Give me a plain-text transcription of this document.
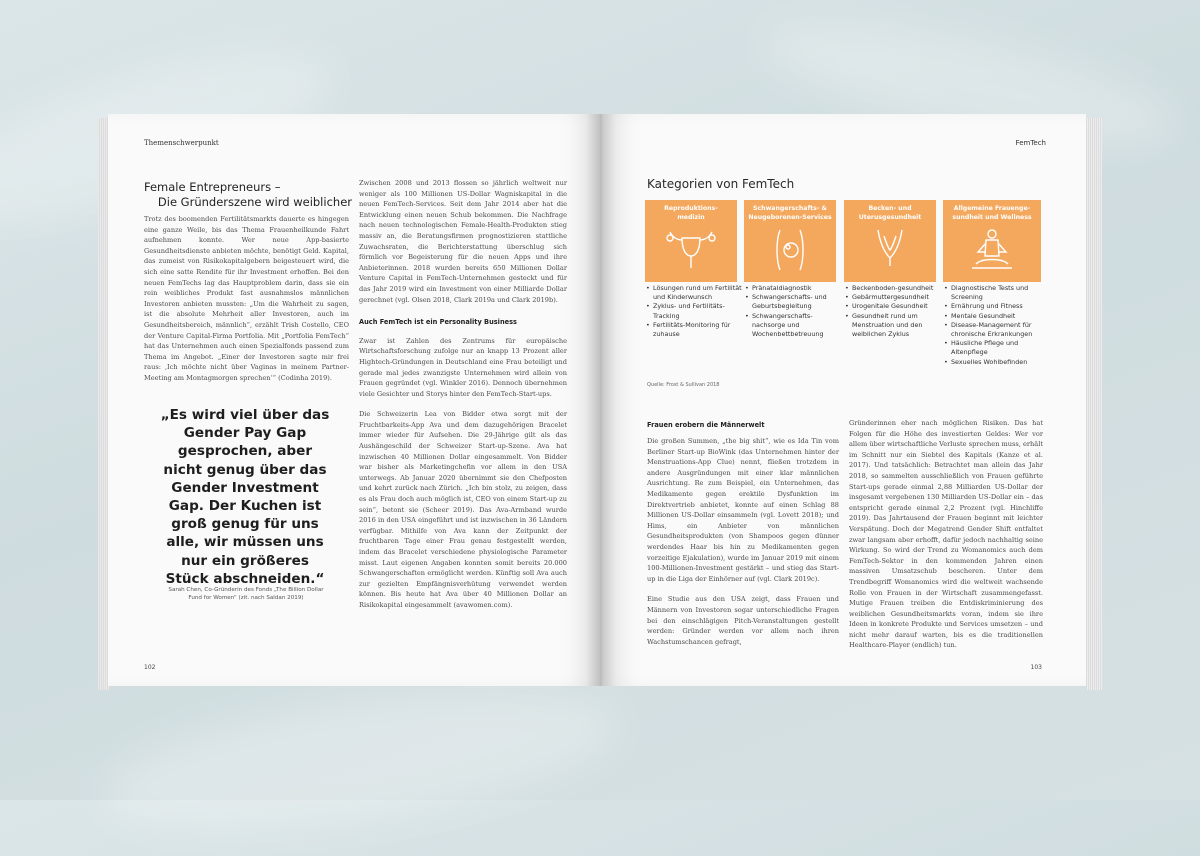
Themenschwerpunkt
Female Entrepreneurs –
Die Gründerszene wird weiblicher
Trotz des boomenden Fertilitätsmarkts dauerte es hingegen eine ganze Weile, bis das Thema Frauenheilkunde Fahrt aufnehmen konnte. Wer neue App-basierte Gesundheitsdienste anbieten möchte, benötigt Geld. Kapital, das zumeist von Risikokapitalgebern beigesteuert wird, die sich eine satte Rendite für ihr Investment erhoffen. Bei den neuen FemTechs lag das Hauptproblem darin, dass sie ein rein weibliches Produkt fast ausnahmslos männlichen Investoren anbieten mussten: „Um die Wahrheit zu sagen, ist die absolute Mehrheit aller Investoren, auch im Gesundheitsbereich, männlich“, erzählt Trish Costello, CEO der Venture Capital-Firma Portfolia. Mit „Portfolia FemTech“ hat das Unternehmen auch einen Spezialfonds passend zum Thema im Angebot. „Einer der Investoren sagte mir frei raus: ‚Ich möchte nicht über Vaginas in meinem Partner-Meeting am Montagmorgen sprechen‘“ (Codinha 2019).
„Es wird viel über das Gender Pay Gap gesprochen, aber nicht genug über das Gender Investment Gap. Der Kuchen ist groß genug für uns alle, wir müssen uns nur ein größeres Stück abschneiden.“
Sarah Chen, Co-Gründerin des Fonds „The Billion Dollar Fund for Women“ (zit. nach Saldan 2019)
Zwischen 2008 und 2013 flossen so jährlich weltweit nur weniger als 100 Millionen US-Dollar Wagniskapital in die neuen FemTech-Services. Seit dem Jahr 2014 aber hat die Entwicklung einen neuen Schub bekommen. Die Nachfrage nach neuen technologischen Female-Health-Produkten stieg massiv an, die Beratungsfirmen prognostizieren stattliche Zuwachsraten, die Berichterstattung überschlug sich förmlich vor Begeisterung für die neuen Apps und ihre Anbieterinnen. 2018 wurden bereits 650 Millionen Dollar Venture Capital in FemTech-Unternehmen gesteckt und für das Jahr 2019 wird ein Investment von einer Milliarde Dollar gerechnet (vgl. Olsen 2018, Clark 2019a und Clark 2019b).
Auch FemTech ist ein Personality Business
Zwar ist Zahlen des Zentrums für europäische Wirtschaftsforschung zufolge nur an knapp 13 Prozent aller Hightech-Gründungen in Deutschland eine Frau beteiligt und gerade mal jedes zwanzigste Unternehmen wird allein von Frauen gegründet (vgl. Winkler 2016). Dennoch übernehmen viele Gesichter und Storys hinter den FemTech-Start-ups.
Die Schweizerin Lea von Bidder etwa sorgt mit der Fruchtbarkeits-App Ava und dem dazugehörigen Bracelet immer wieder für Aufsehen. Die 29-Jährige gilt als das Aushängeschild der Schweizer Start-up-Szene. Ava hat inzwischen 40 Millionen Dollar eingesammelt. Von Bidder war bisher als Marketingchefin vor allem in den USA unterwegs. Ab Januar 2020 übernimmt sie den Chefposten und kehrt zurück nach Zürich. „Ich bin stolz, zu zeigen, dass es als Frau doch auch möglich ist, CEO von einem Start-up zu sein“, betont sie (Scheer 2019). Das Ava-Armband wurde 2016 in den USA eingeführt und ist inzwischen in 36 Ländern verfügbar. Mithilfe von Ava kann der Zeitpunkt der fruchtbaren Tage einer Frau genau festgestellt werden, indem das Bracelet verschiedene physiologische Parameter misst. Laut eigenen Angaben konnten somit bereits 20.000 Schwangerschaften ermöglicht werden. Künftig soll Ava auch zur gezielten Empfängnisverhütung verwendet werden können. Bis heute hat Ava über 40 Millionen Dollar an Risikokapital eingesammelt (avawomen.com).
102
FemTech
Kategorien von FemTech
Reproduktions-
medizin
• Lösungen rund um Fertilität und Kinderwunsch
• Zyklus- und Fertilitäts-Tracking
• Fertilitäts-Monitoring für zuhause
Schwangerschafts- &
Neugeborenen-Services
• Pränataldiagnostik
• Schwangerschafts- und Geburtsbegleitung
• Schwangerschafts-nachsorge und Wochenbettbetreuung
Becken- und
Uterusgesundheit
• Beckenboden-gesundheit
• Gebärmuttergesundheit
• Urogenitale Gesundheit
• Gesundheit rund um Menstruation und den weiblichen Zyklus
Allgemeine Frauenge-
sundheit und Wellness
• Diagnostische Tests und Screening
• Ernährung und Fitness
• Mentale Gesundheit
• Disease-Management für chronische Erkrankungen
• Häusliche Pflege und Altenpflege
• Sexuelles Wohlbefinden
Quelle: Frost & Sullivan 2018
Frauen erobern die Männerwelt
Die großen Summen, „the big shit“, wie es Ida Tin vom Berliner Start-up BioWink (das Unternehmen hinter der Menstruations-App Clue) nennt, fließen trotzdem in andere Ausgründungen mit einer klar männlichen Ausrichtung. Re zum Beispiel, ein Unternehmen, das Medikamente gegen erektile Dysfunktion im Direktvertrieb anbietet, konnte auf einen Schlag 88 Millionen US-Dollar einsammeln (vgl. Lovett 2018); und Hims, ein Anbieter von männlichen Gesundheitsprodukten (von Shampoos gegen dünner werdendes Haar bis hin zu Medikamenten gegen vorzeitige Ejakulation), wurde im Januar 2019 mit einem 100-Millionen-Investment gestärkt – und stieg das Start-up in die Liga der Einhörner auf (vgl. Clark 2019c).
Eine Studie aus den USA zeigt, dass Frauen und Männern von Investoren sogar unterschiedliche Fragen bei den einschlägigen Pitch-Veranstaltungen gestellt werden: Gründer werden vor allem nach ihren Wachstumschancen gefragt,
Gründerinnen eher nach möglichen Risiken. Das hat Folgen für die Höhe des investierten Geldes: Wer vor allem über wirtschaftliche Verluste sprechen muss, erhält im Schnitt nur ein Siebtel des Kapitals (Kanze et al. 2017). Und tatsächlich: Betrachtet man allein das Jahr 2018, so sammelten ausschließlich von Frauen geführte Start-ups gerade einmal 2,88 Milliarden US-Dollar der insgesamt vergebenen 130 Milliarden US-Dollar ein – das entspricht gerade einmal 2,2 Prozent (vgl. Hinchliffe 2019). Das Jahrtausend der Frauen beginnt mit leichter Verspätung. Doch der Megatrend Gender Shift entfaltet zwar langsam aber erhofft, dafür jedoch nachhaltig seine Wirkung. So wird der Trend zu Womanomics auch dem FemTech-Sektor in den kommenden Jahren einen massiven Umsatzschub bescheren. Unter dem Trendbegriff Womanomics wird die weltweit wachsende Rolle von Frauen in der Wirtschaft zusammengefasst. Mutige Frauen treiben die Entdiskriminierung des weiblichen Gesundheitsmarkts voran, indem sie ihre Ideen in konkrete Produkte und Services umsetzen – und nicht mehr darauf warten, bis es die traditionellen Healthcare-Player (endlich) tun.
103
